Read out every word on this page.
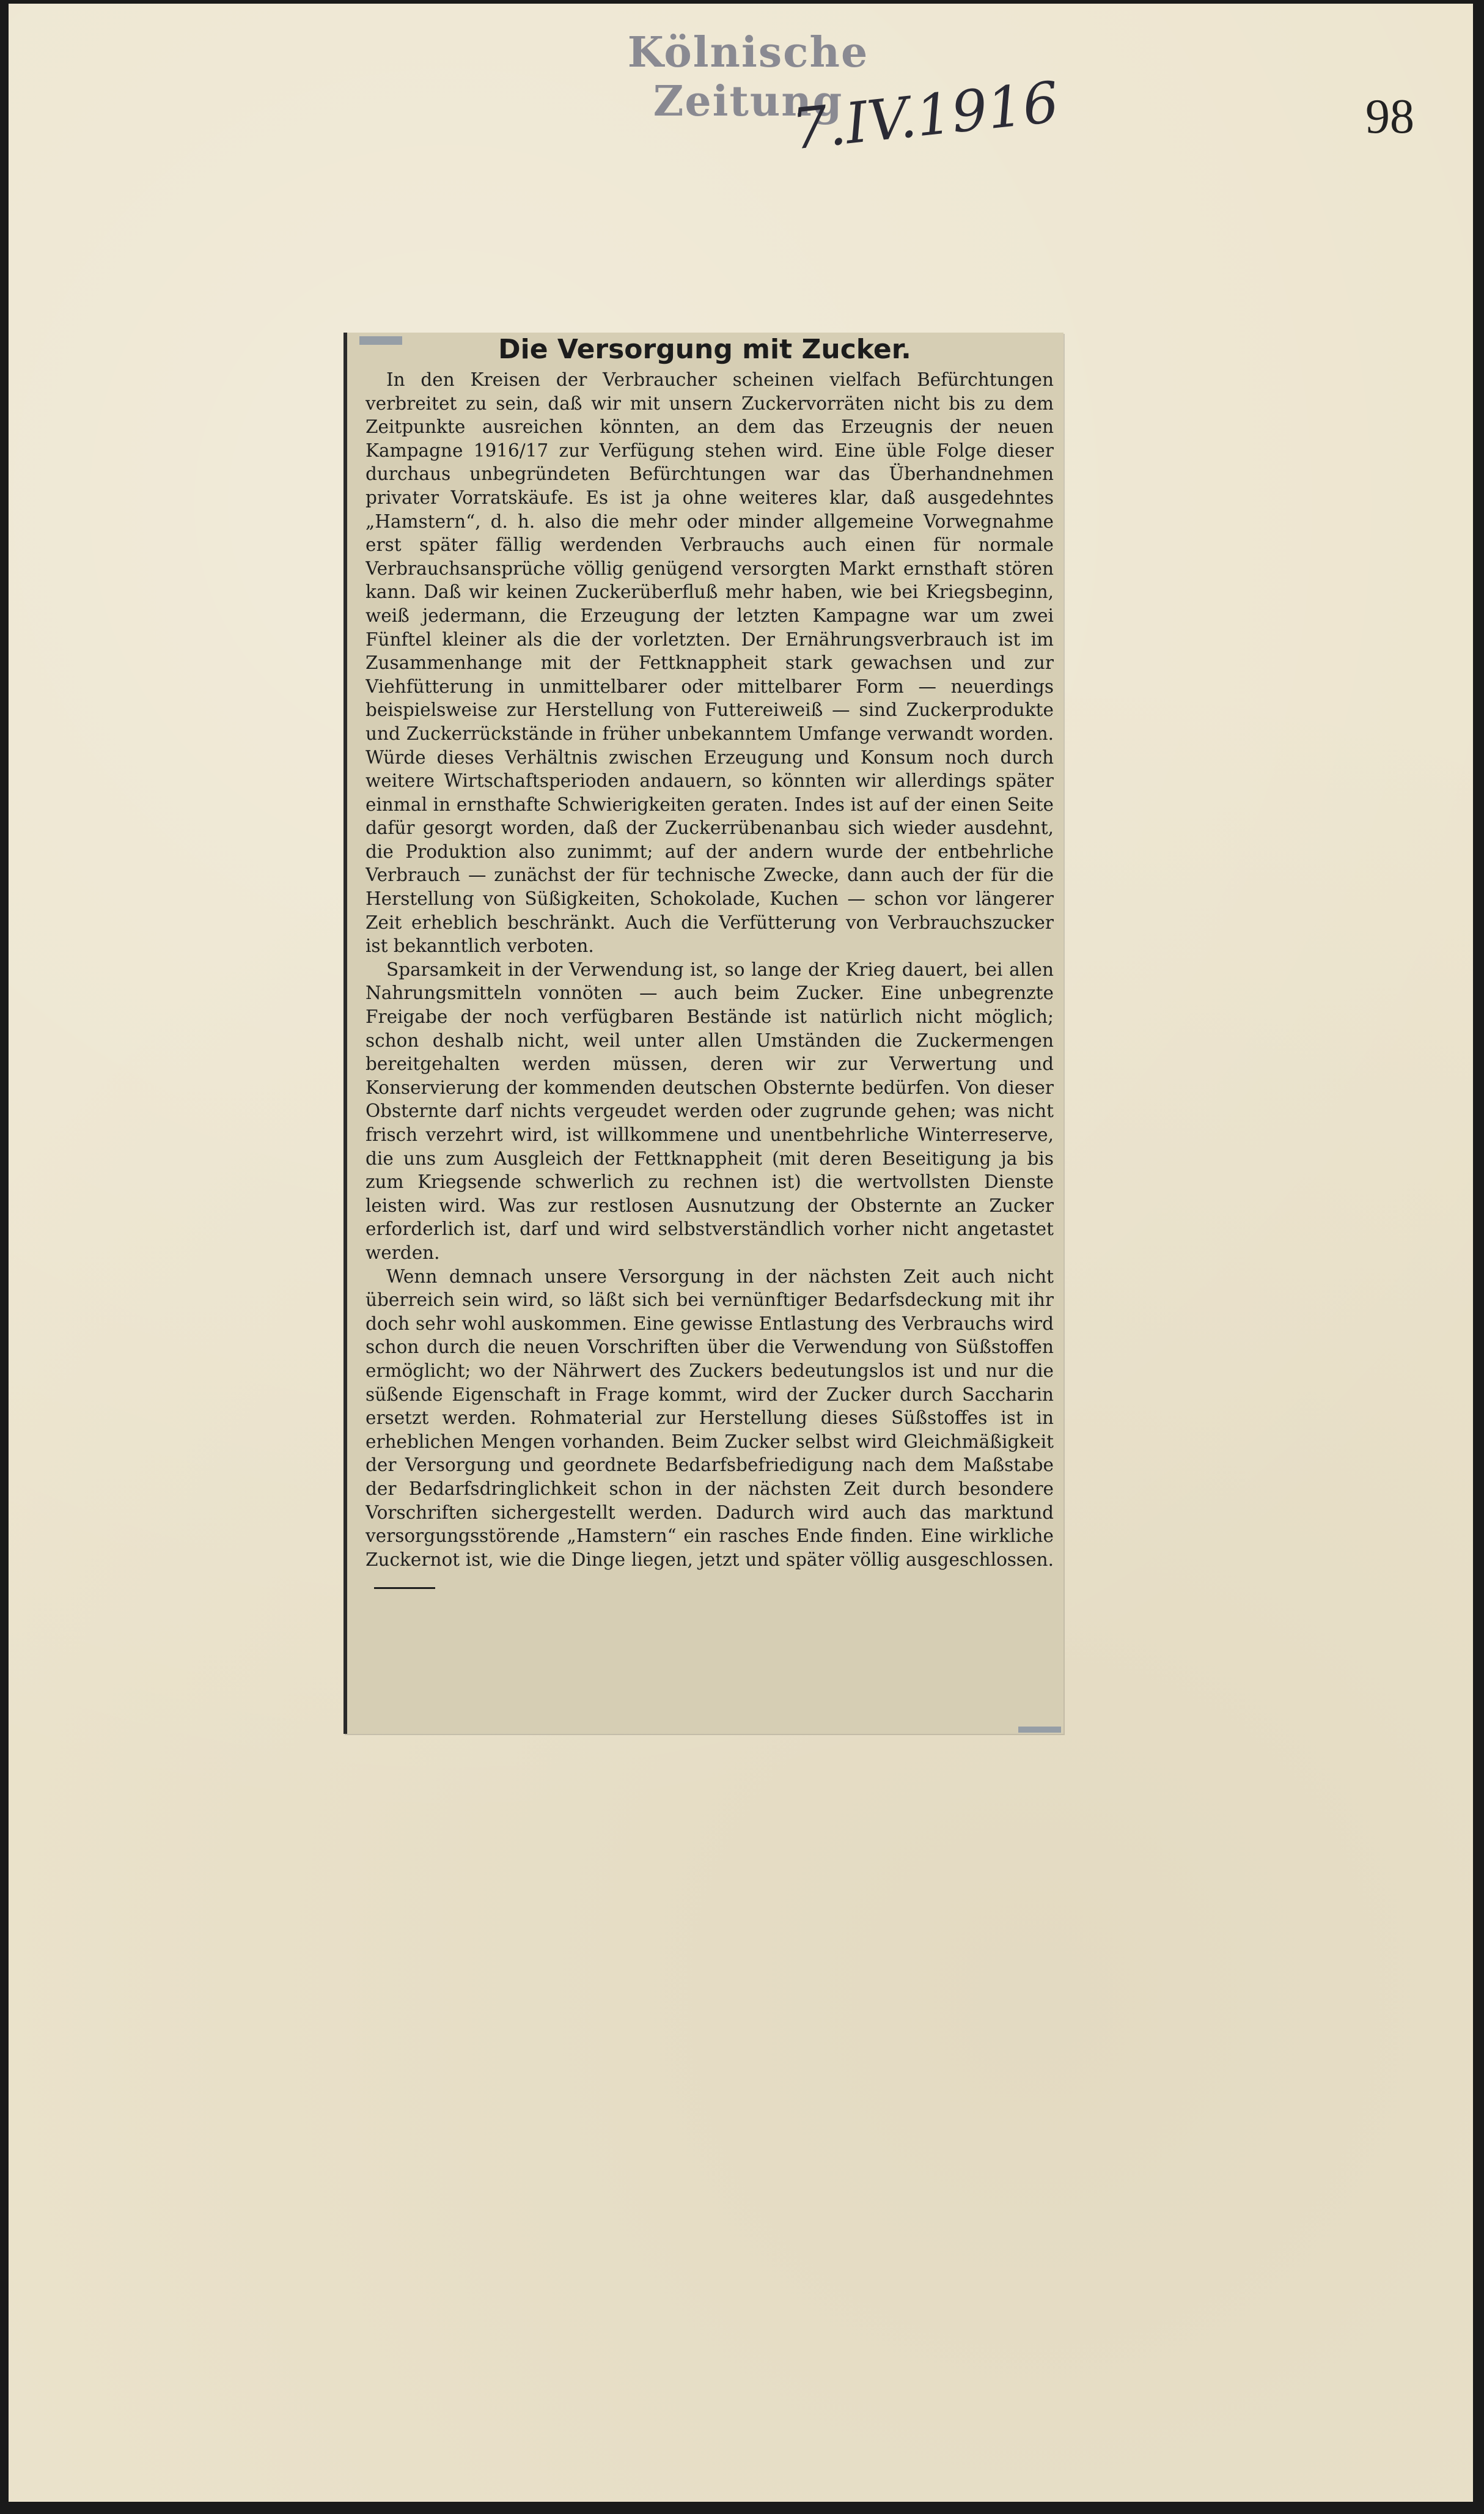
Kölnische Zeitung
7.IV.1916	98
Die Versorgung mit Zucker.

In den Kreisen der Verbraucher scheinen vielfach Befürchtungen verbreitet zu sein, daß wir mit unsern Zuckervorräten nicht bis zu dem Zeitpunkte ausreichen könnten, an dem das Erzeugnis der neuen Kampagne 1916/17 zur Verfügung stehen wird. Eine üble Folge dieser durchaus unbegründeten Befürchtungen war das Überhandnehmen privater Vorratskäufe. Es ist ja ohne weiteres klar, daß ausgedehntes „Hamstern“, d. h. also die mehr oder minder allgemeine Vorwegnahme erst später fällig werdenden Verbrauchs auch einen für normale Verbrauchsansprüche völlig genügend versorgten Markt ernsthaft stören kann. Daß wir keinen Zuckerüberfluß mehr haben, wie bei Kriegsbeginn, weiß jedermann, die Erzeugung der letzten Kampagne war um zwei Fünftel kleiner als die der vorletzten. Der Ernährungsverbrauch ist im Zusammenhange mit der Fettknappheit stark gewachsen und zur Viehfütterung in unmittelbarer oder mittelbarer Form — neuerdings beispielsweise zur Herstellung von Futtereiweiß — sind Zuckerprodukte und Zuckerrückstände in früher unbekanntem Umfange verwandt worden. Würde dieses Verhältnis zwischen Erzeugung und Konsum noch durch weitere Wirtschaftsperioden andauern, so könnten wir allerdings später einmal in ernsthafte Schwierigkeiten geraten. Indes ist auf der einen Seite dafür gesorgt worden, daß der Zuckerrübenanbau sich wieder ausdehnt, die Produktion also zunimmt; auf der andern wurde der entbehrliche Verbrauch — zunächst der für technische Zwecke, dann auch der für die Herstellung von Süßigkeiten, Schokolade, Kuchen — schon vor längerer Zeit erheblich beschränkt. Auch die Verfütterung von Verbrauchszucker ist bekanntlich verboten.

Sparsamkeit in der Verwendung ist, so lange der Krieg dauert, bei allen Nahrungsmitteln vonnöten — auch beim Zucker. Eine unbegrenzte Freigabe der noch verfügbaren Bestände ist natürlich nicht möglich; schon deshalb nicht, weil unter allen Umständen die Zuckermengen bereitgehalten werden müssen, deren wir zur Verwertung und Konservierung der kommenden deutschen Obsternte bedürfen. Von dieser Obsternte darf nichts vergeudet werden oder zugrunde gehen; was nicht frisch verzehrt wird, ist willkommene und unentbehrliche Winterreserve, die uns zum Ausgleich der Fettknappheit (mit deren Beseitigung ja bis zum Kriegsende schwerlich zu rechnen ist) die wertvollsten Dienste leisten wird. Was zur restlosen Ausnutzung der Obsternte an Zucker erforderlich ist, darf und wird selbstverständlich vorher nicht angetastet werden.

Wenn demnach unsere Versorgung in der nächsten Zeit auch nicht überreich sein wird, so läßt sich bei vernünftiger Bedarfsdeckung mit ihr doch sehr wohl auskommen. Eine gewisse Entlastung des Verbrauchs wird schon durch die neuen Vorschriften über die Verwendung von Süßstoffen ermöglicht; wo der Nährwert des Zuckers bedeutungslos ist und nur die süßende Eigenschaft in Frage kommt, wird der Zucker durch Saccharin ersetzt werden. Rohmaterial zur Herstellung dieses Süßstoffes ist in erheblichen Mengen vorhanden. Beim Zucker selbst wird Gleichmäßigkeit der Versorgung und geordnete Bedarfsbefriedigung nach dem Maßstabe der Bedarfsdringlichkeit schon in der nächsten Zeit durch besondere Vorschriften sichergestellt werden. Dadurch wird auch das marktund versorgungsstörende „Hamstern“ ein rasches Ende finden. Eine wirkliche Zuckernot ist, wie die Dinge liegen, jetzt und später völlig ausgeschlossen.
